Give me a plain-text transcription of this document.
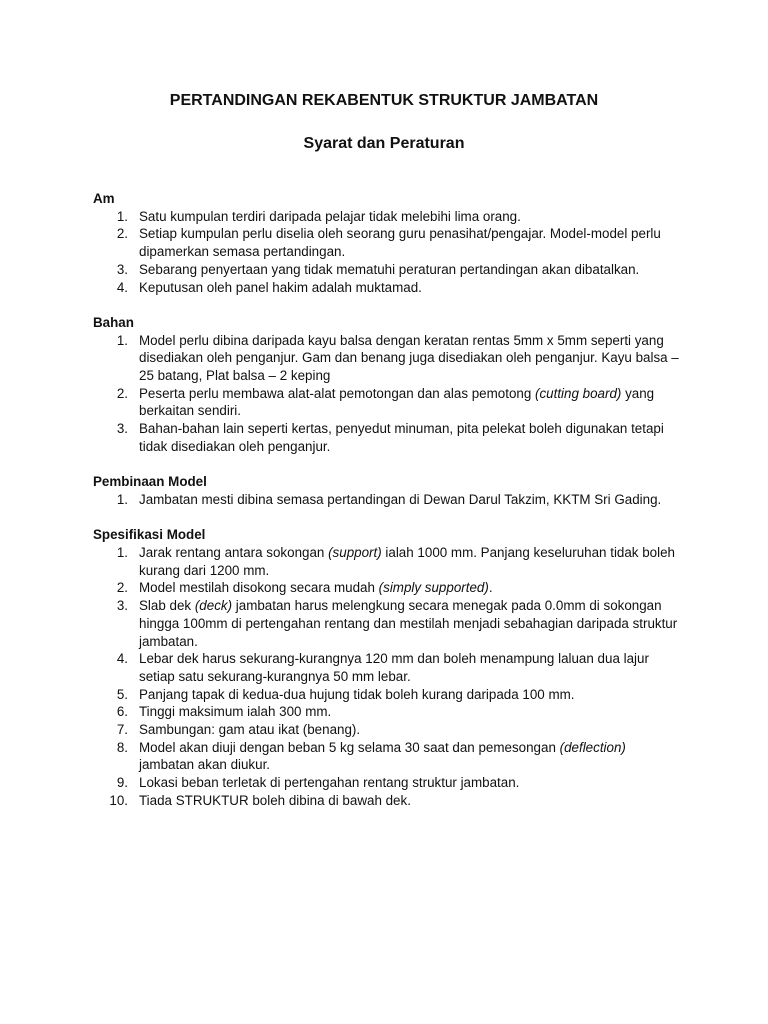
PERTANDINGAN REKABENTUK STRUKTUR JAMBATAN
Syarat dan Peraturan
Am
1. Satu kumpulan terdiri daripada pelajar tidak melebihi lima orang.
2. Setiap kumpulan perlu diselia oleh seorang guru penasihat/pengajar. Model-model perlu dipamerkan semasa pertandingan.
3. Sebarang penyertaan yang tidak mematuhi peraturan pertandingan akan dibatalkan.
4. Keputusan oleh panel hakim adalah muktamad.
Bahan
1. Model perlu dibina daripada kayu balsa dengan keratan rentas 5mm x 5mm seperti yang disediakan oleh penganjur. Gam dan benang juga disediakan oleh penganjur. Kayu balsa – 25 batang, Plat balsa – 2 keping
2. Peserta perlu membawa alat-alat pemotongan dan alas pemotong (cutting board) yang berkaitan sendiri.
3. Bahan-bahan lain seperti kertas, penyedut minuman, pita pelekat boleh digunakan tetapi tidak disediakan oleh penganjur.
Pembinaan Model
1. Jambatan mesti dibina semasa pertandingan di Dewan Darul Takzim, KKTM Sri Gading.
Spesifikasi Model
1. Jarak rentang antara sokongan (support) ialah 1000 mm. Panjang keseluruhan tidak boleh kurang dari 1200 mm.
2. Model mestilah disokong secara mudah (simply supported).
3. Slab dek (deck) jambatan harus melengkung secara menegak pada 0.0mm di sokongan hingga 100mm di pertengahan rentang dan mestilah menjadi sebahagian daripada struktur jambatan.
4. Lebar dek harus sekurang-kurangnya 120 mm dan boleh menampung laluan dua lajur setiap satu sekurang-kurangnya 50 mm lebar.
5. Panjang tapak di kedua-dua hujung tidak boleh kurang daripada 100 mm.
6. Tinggi maksimum ialah 300 mm.
7. Sambungan: gam atau ikat (benang).
8. Model akan diuji dengan beban 5 kg selama 30 saat dan pemesongan (deflection) jambatan akan diukur.
9. Lokasi beban terletak di pertengahan rentang struktur jambatan.
10. Tiada STRUKTUR boleh dibina di bawah dek.
